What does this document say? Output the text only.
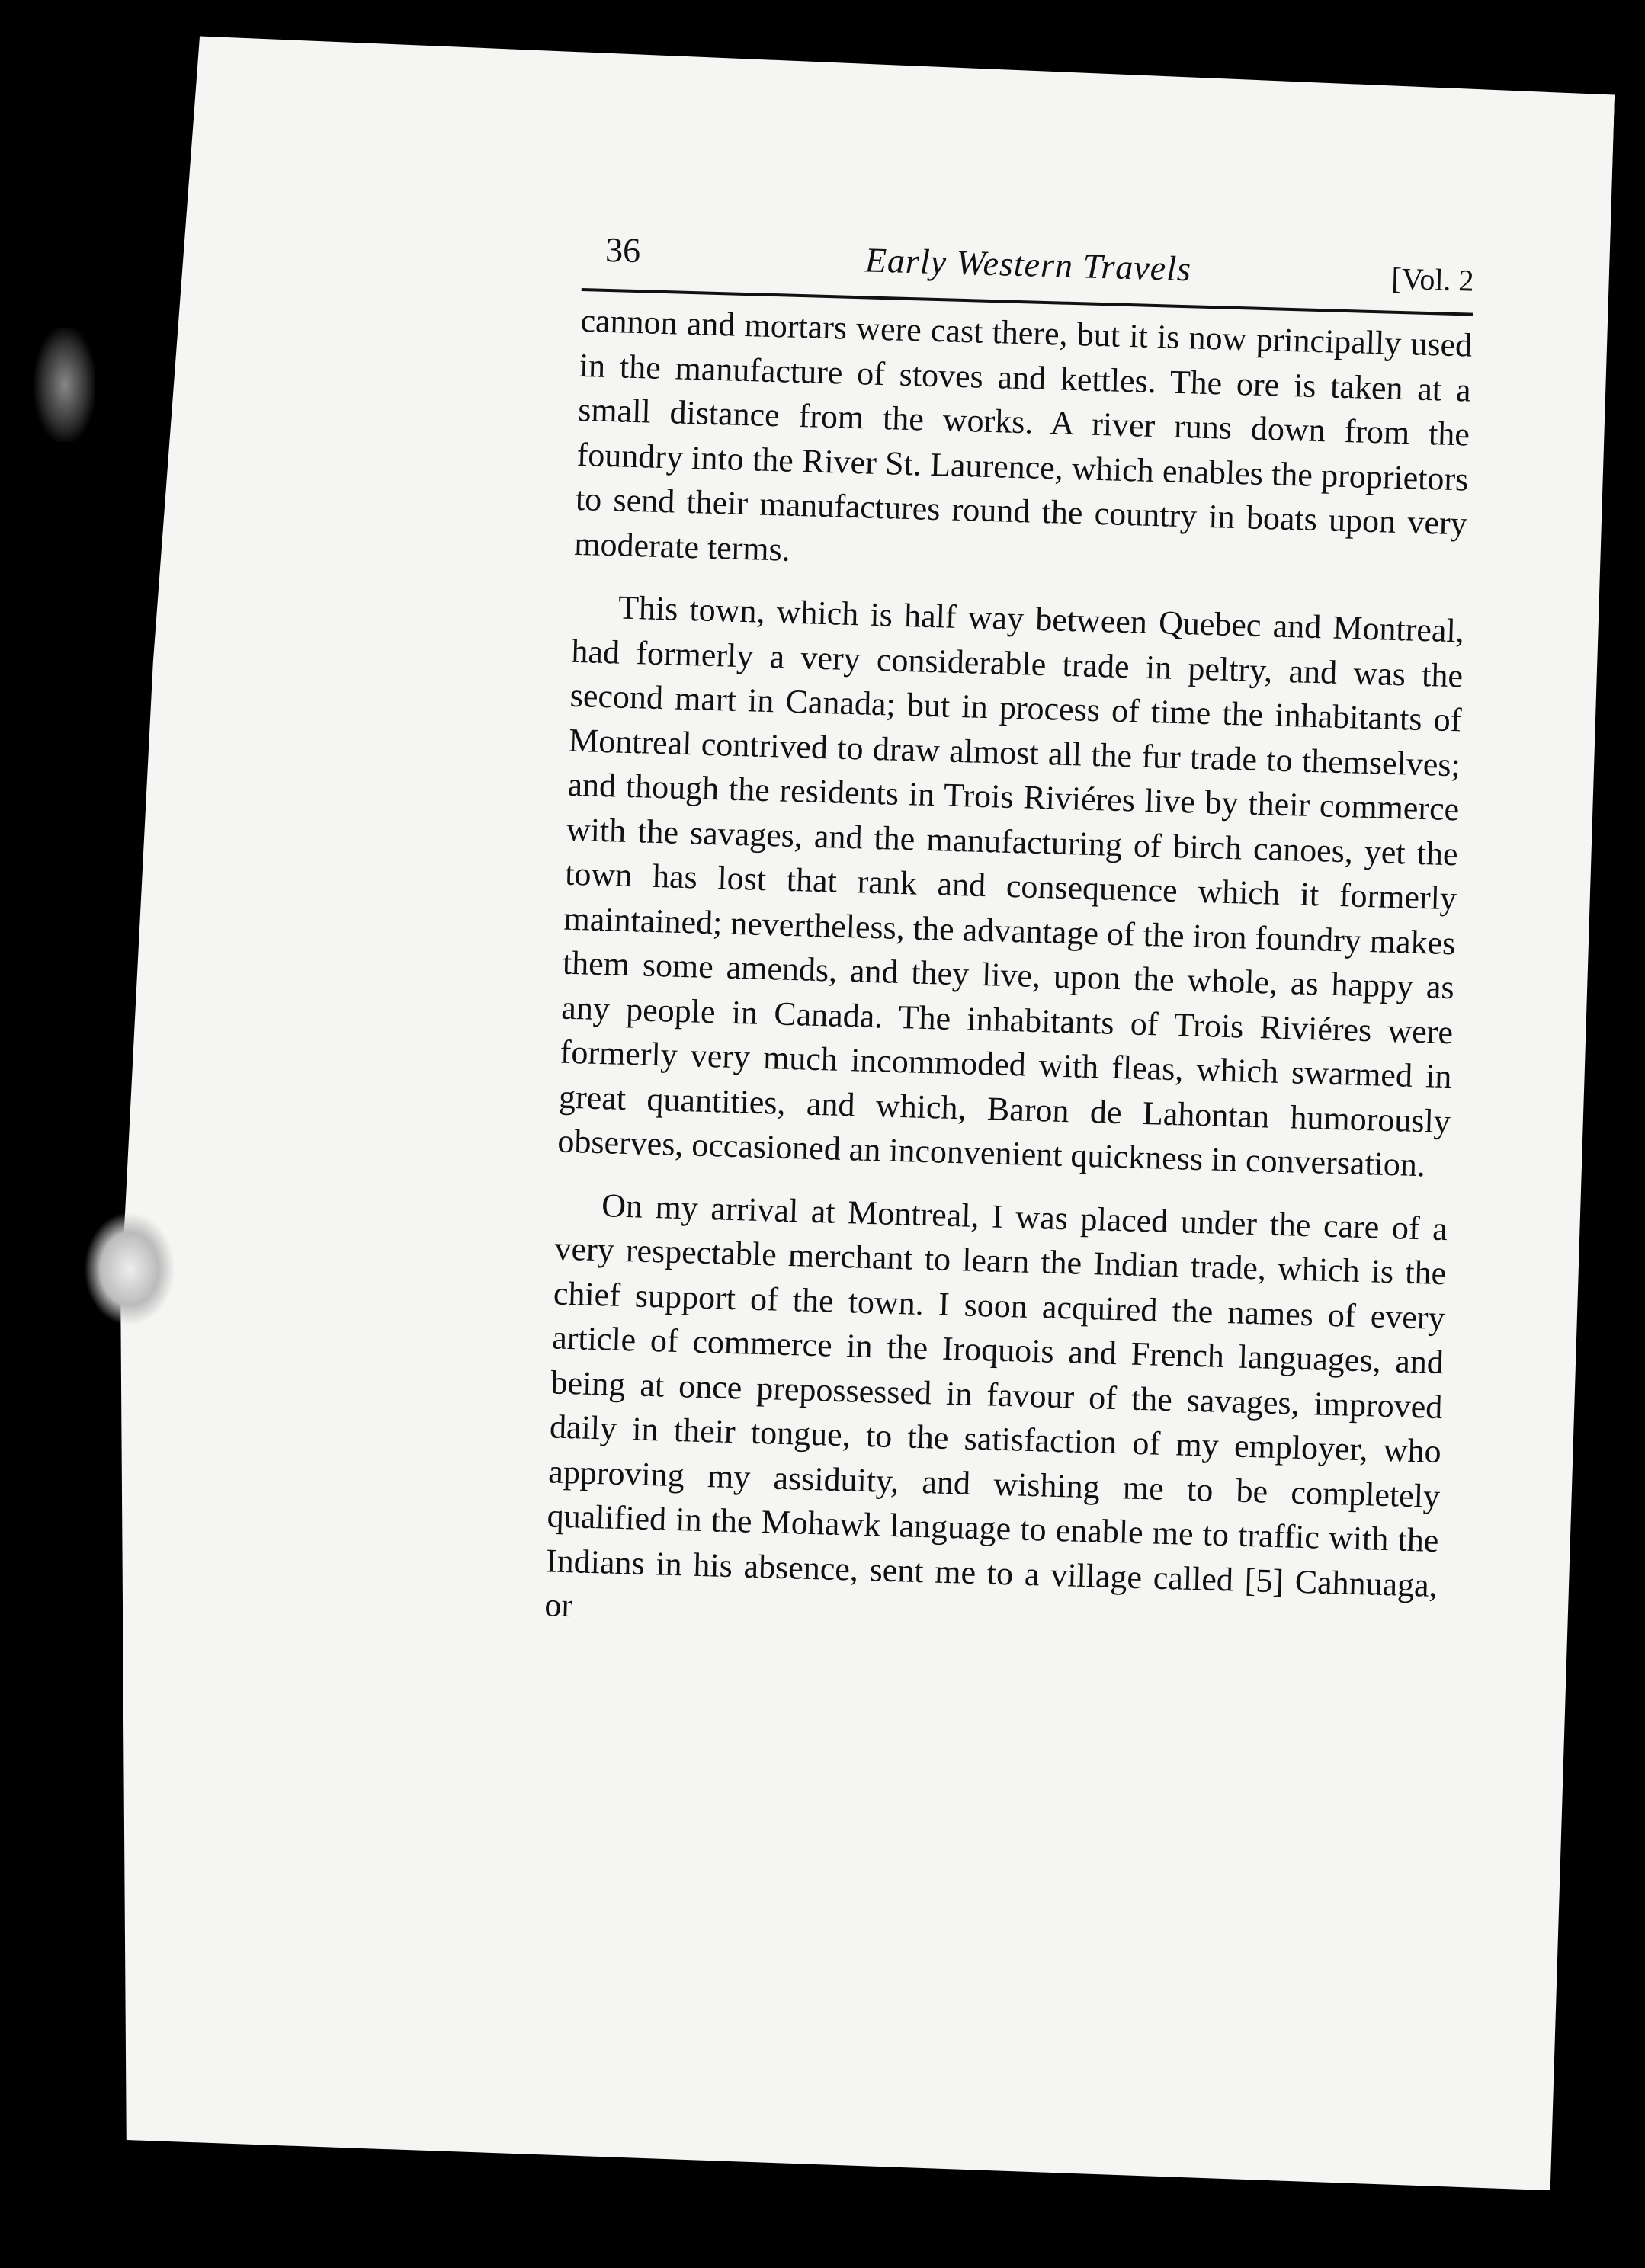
36	Early Western Travels	[Vol. 2

cannon and mortars were cast there, but it is now principally used in the manufacture of stoves and kettles. The ore is taken at a small distance from the works. A river runs down from the foundry into the River St. Laurence, which enables the proprietors to send their manufactures round the country in boats upon very moderate terms.

This town, which is half way between Quebec and Montreal, had formerly a very considerable trade in peltry, and was the second mart in Canada; but in process of time the inhabitants of Montreal contrived to draw almost all the fur trade to themselves; and though the residents in Trois Riviéres live by their commerce with the savages, and the manufacturing of birch canoes, yet the town has lost that rank and consequence which it formerly maintained; nevertheless, the advantage of the iron foundry makes them some amends, and they live, upon the whole, as happy as any people in Canada. The inhabitants of Trois Riviéres were formerly very much incommoded with fleas, which swarmed in great quantities, and which, Baron de Lahontan humorously observes, occasioned an inconvenient quickness in conversation.

On my arrival at Montreal, I was placed under the care of a very respectable merchant to learn the Indian trade, which is the chief support of the town. I soon acquired the names of every article of commerce in the Iroquois and French languages, and being at once prepossessed in favour of the savages, improved daily in their tongue, to the satisfaction of my employer, who approving my assiduity, and wishing me to be completely qualified in the Mohawk language to enable me to traffic with the Indians in his absence, sent me to a village called [5] Cahnuaga, or
